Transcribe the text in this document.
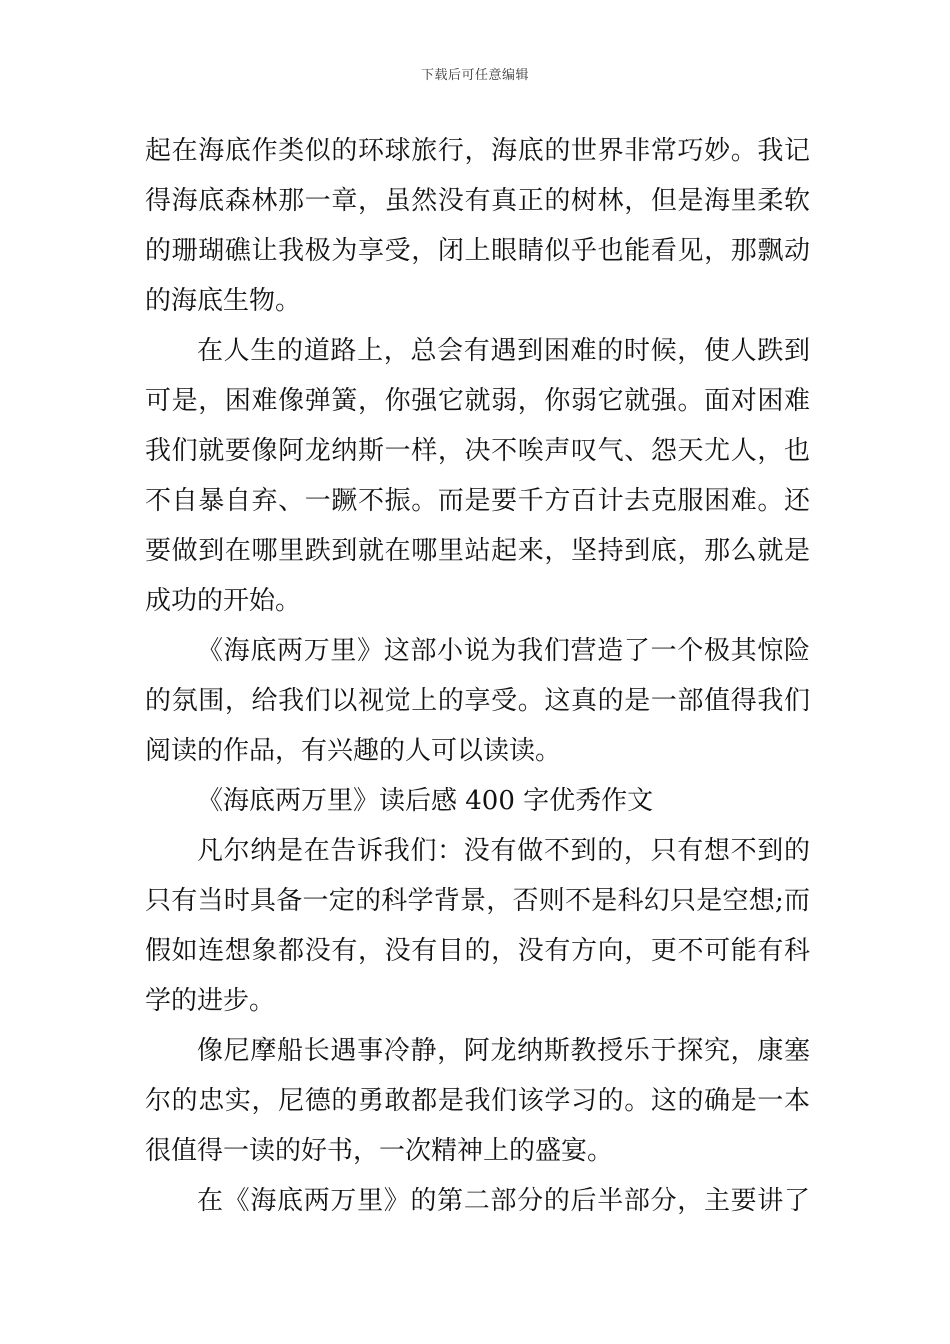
下载后可任意编辑
起在海底作类似的环球旅行，海底的世界非常巧妙。我记
得海底森林那一章，虽然没有真正的树林，但是海里柔软
的珊瑚礁让我极为享受，闭上眼睛似乎也能看见，那飘动
的海底生物。
在人生的道路上，总会有遇到困难的时候，使人跌到
可是，困难像弹簧，你强它就弱，你弱它就强。面对困难
我们就要像阿龙纳斯一样，决不唉声叹气、怨天尤人，也
不自暴自弃、一蹶不振。而是要千方百计去克服困难。还
要做到在哪里跌到就在哪里站起来，坚持到底，那么就是
成功的开始。
《海底两万里》这部小说为我们营造了一个极其惊险
的氛围，给我们以视觉上的享受。这真的是一部值得我们
阅读的作品，有兴趣的人可以读读。
《海底两万里》读后感 400 字优秀作文
凡尔纳是在告诉我们：没有做不到的，只有想不到的
只有当时具备一定的科学背景，否则不是科幻只是空想;而
假如连想象都没有，没有目的，没有方向，更不可能有科
学的进步。
像尼摩船长遇事冷静，阿龙纳斯教授乐于探究，康塞
尔的忠实，尼德的勇敢都是我们该学习的。这的确是一本
很值得一读的好书，一次精神上的盛宴。
在《海底两万里》的第二部分的后半部分，主要讲了
